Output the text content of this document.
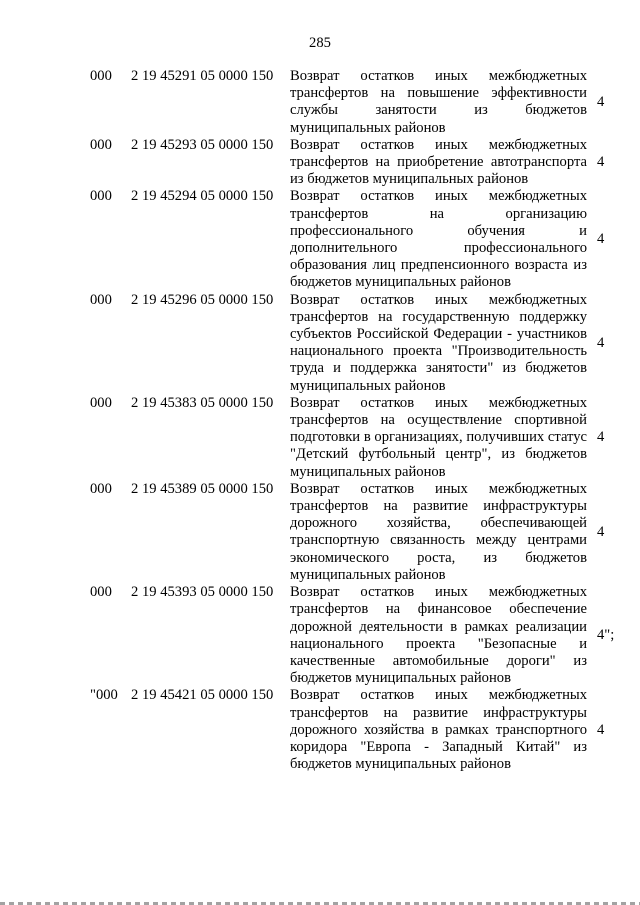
285
000 2 19 45291 05 0000 150 Возврат остатков иных межбюджетных трансфертов на повышение эффективности службы занятости из бюджетов муниципальных районов
4
000 2 19 45293 05 0000 150 Возврат остатков иных межбюджетных трансфертов на приобретение автотранспорта из бюджетов муниципальных районов
4
000 2 19 45294 05 0000 150 Возврат остатков иных межбюджетных трансфертов на организацию профессионального обучения и дополнительного профессионального образования лиц предпенсионного возраста из бюджетов муниципальных районов
4
000 2 19 45296 05 0000 150 Возврат остатков иных межбюджетных трансфертов на государственную поддержку субъектов Российской Федерации - участников национального проекта "Производительность труда и поддержка занятости" из бюджетов муниципальных районов
4
000 2 19 45383 05 0000 150 Возврат остатков иных межбюджетных трансфертов на осуществление спортивной подготовки в организациях, получивших статус "Детский футбольный центр", из бюджетов муниципальных районов
4
000 2 19 45389 05 0000 150 Возврат остатков иных межбюджетных трансфертов на развитие инфраструктуры дорожного хозяйства, обеспечивающей транспортную связанность между центрами экономического роста, из бюджетов муниципальных районов
4
000 2 19 45393 05 0000 150 Возврат остатков иных межбюджетных трансфертов на финансовое обеспечение дорожной деятельности в рамках реализации национального проекта "Безопасные и качественные автомобильные дороги" из бюджетов муниципальных районов
4";
"000 2 19 45421 05 0000 150 Возврат остатков иных межбюджетных трансфертов на развитие инфраструктуры дорожного хозяйства в рамках транспортного коридора "Европа - Западный Китай" из бюджетов муниципальных районов
4
